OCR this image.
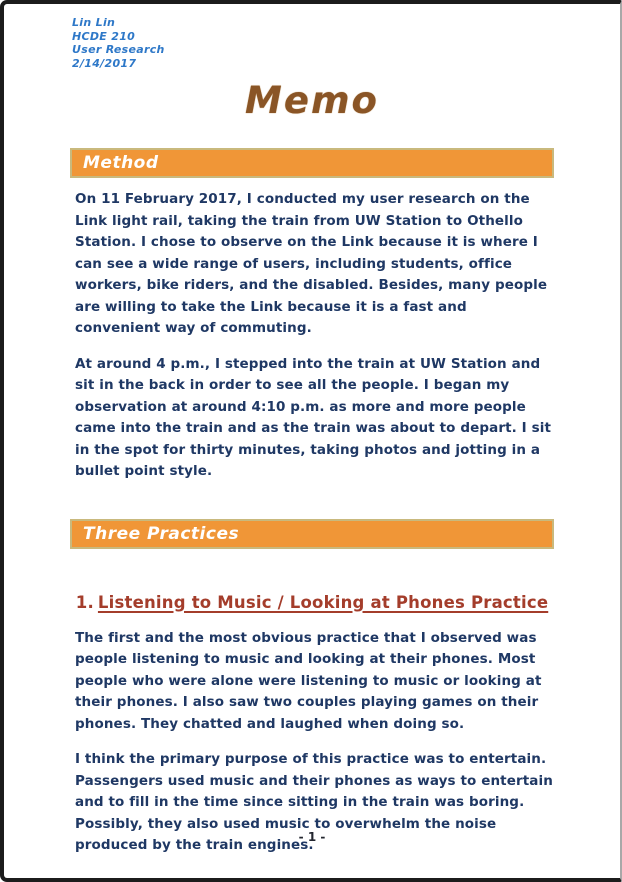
Lin Lin
HCDE 210
User Research
2/14/2017
Memo
Method

On 11 February 2017, I conducted my user research on the Link light rail, taking the train from UW Station to Othello Station. I chose to observe on the Link because it is where I can see a wide range of users, including students, office workers, bike riders, and the disabled. Besides, many people are willing to take the Link because it is a fast and convenient way of commuting.

At around 4 p.m., I stepped into the train at UW Station and sit in the back in order to see all the people. I began my observation at around 4:10 p.m. as more and more people came into the train and as the train was about to depart. I sit in the spot for thirty minutes, taking photos and jotting in a bullet point style.

Three Practices
1. Listening to Music / Looking at Phones Practice

The first and the most obvious practice that I observed was people listening to music and looking at their phones. Most people who were alone were listening to music or looking at their phones. I also saw two couples playing games on their phones. They chatted and laughed when doing so.

I think the primary purpose of this practice was to entertain. Passengers used music and their phones as ways to entertain and to fill in the time since sitting in the train was boring. Possibly, they also used music to overwhelm the noise produced by the train engines.

- 1 -
